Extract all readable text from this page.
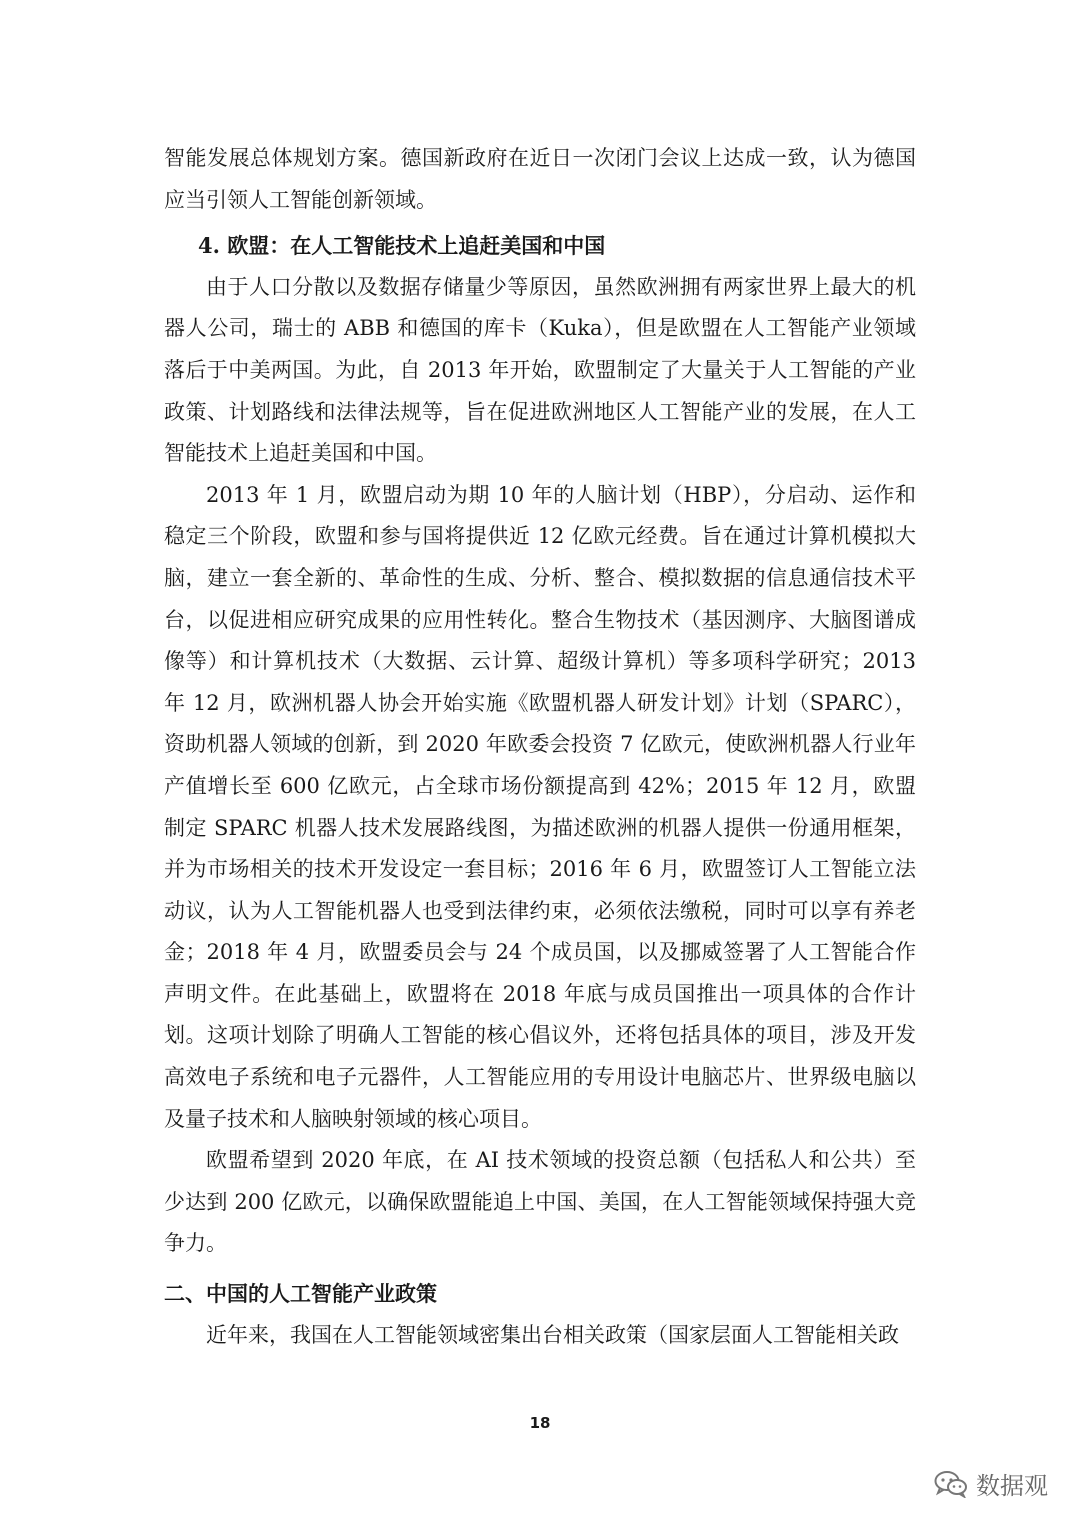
智能发展总体规划方案。德国新政府在近日一次闭门会议上达成一致，认为德国应当引领人工智能创新领域。

4. 欧盟：在人工智能技术上追赶美国和中国

由于人口分散以及数据存储量少等原因，虽然欧洲拥有两家世界上最大的机器人公司，瑞士的 ABB 和德国的库卡（Kuka），但是欧盟在人工智能产业领域落后于中美两国。为此，自 2013 年开始，欧盟制定了大量关于人工智能的产业政策、计划路线和法律法规等，旨在促进欧洲地区人工智能产业的发展，在人工智能技术上追赶美国和中国。

2013 年 1 月，欧盟启动为期 10 年的人脑计划（HBP），分启动、运作和稳定三个阶段，欧盟和参与国将提供近 12 亿欧元经费。旨在通过计算机模拟大脑，建立一套全新的、革命性的生成、分析、整合、模拟数据的信息通信技术平台，以促进相应研究成果的应用性转化。整合生物技术（基因测序、大脑图谱成像等）和计算机技术（大数据、云计算、超级计算机）等多项科学研究；2013 年 12 月，欧洲机器人协会开始实施《欧盟机器人研发计划》计划（SPARC），资助机器人领域的创新，到 2020 年欧委会投资 7 亿欧元，使欧洲机器人行业年产值增长至 600 亿欧元，占全球市场份额提高到 42%；2015 年 12 月，欧盟制定 SPARC 机器人技术发展路线图，为描述欧洲的机器人提供一份通用框架，并为市场相关的技术开发设定一套目标；2016 年 6 月，欧盟签订人工智能立法动议，认为人工智能机器人也受到法律约束，必须依法缴税，同时可以享有养老金；2018 年 4 月，欧盟委员会与 24 个成员国，以及挪威签署了人工智能合作声明文件。在此基础上，欧盟将在 2018 年底与成员国推出一项具体的合作计划。这项计划除了明确人工智能的核心倡议外，还将包括具体的项目，涉及开发高效电子系统和电子元器件，人工智能应用的专用设计电脑芯片、世界级电脑以及量子技术和人脑映射领域的核心项目。

欧盟希望到 2020 年底，在 AI 技术领域的投资总额（包括私人和公共）至少达到 200 亿欧元，以确保欧盟能追上中国、美国，在人工智能领域保持强大竞争力。

二、中国的人工智能产业政策

近年来，我国在人工智能领域密集出台相关政策（国家层面人工智能相关政

18
数据观
